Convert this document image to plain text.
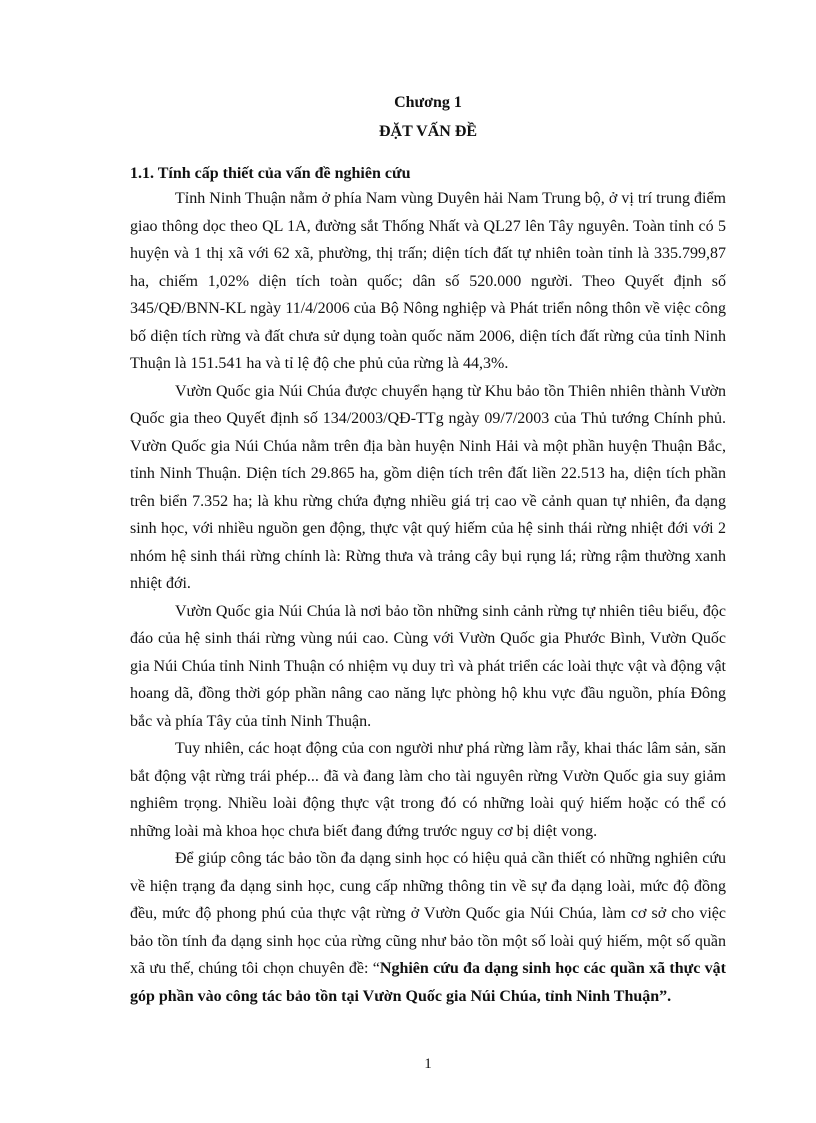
Chương 1
ĐẶT VẤN ĐỀ
1.1. Tính cấp thiết của vấn đề nghiên cứu

Tỉnh Ninh Thuận nằm ở phía Nam vùng Duyên hải Nam Trung bộ, ở vị trí trung điểm giao thông dọc theo QL 1A, đường sắt Thống Nhất và QL27 lên Tây nguyên. Toàn tỉnh có 5 huyện và 1 thị xã với 62 xã, phường, thị trấn; diện tích đất tự nhiên toàn tỉnh là 335.799,87 ha, chiếm 1,02% diện tích toàn quốc; dân số 520.000 người. Theo Quyết định số 345/QĐ/BNN-KL ngày 11/4/2006 của Bộ Nông nghiệp và Phát triển nông thôn về việc công bố diện tích rừng và đất chưa sử dụng toàn quốc năm 2006, diện tích đất rừng của tỉnh Ninh Thuận là 151.541 ha và tỉ lệ độ che phủ của rừng là 44,3%.

Vườn Quốc gia Núi Chúa được chuyển hạng từ Khu bảo tồn Thiên nhiên thành Vườn Quốc gia theo Quyết định số 134/2003/QĐ-TTg ngày 09/7/2003 của Thủ tướng Chính phủ. Vườn Quốc gia Núi Chúa nằm trên địa bàn huyện Ninh Hải và một phần huyện Thuận Bắc, tỉnh Ninh Thuận. Diện tích 29.865 ha, gồm diện tích trên đất liền 22.513 ha, diện tích phần trên biển 7.352 ha; là khu rừng chứa đựng nhiều giá trị cao về cảnh quan tự nhiên, đa dạng sinh học, với nhiều nguồn gen động, thực vật quý hiếm của hệ sinh thái rừng nhiệt đới với 2 nhóm hệ sinh thái rừng chính là: Rừng thưa và trảng cây bụi rụng lá; rừng rậm thường xanh nhiệt đới.

Vườn Quốc gia Núi Chúa là nơi bảo tồn những sinh cảnh rừng tự nhiên tiêu biểu, độc đáo của hệ sinh thái rừng vùng núi cao. Cùng với Vườn Quốc gia Phước Bình, Vườn Quốc gia Núi Chúa tỉnh Ninh Thuận có nhiệm vụ duy trì và phát triển các loài thực vật và động vật hoang dã, đồng thời góp phần nâng cao năng lực phòng hộ khu vực đầu nguồn, phía Đông bắc và phía Tây của tỉnh Ninh Thuận.

Tuy nhiên, các hoạt động của con người như phá rừng làm rẫy, khai thác lâm sản, săn bắt động vật rừng trái phép... đã và đang làm cho tài nguyên rừng Vườn Quốc gia suy giảm nghiêm trọng. Nhiều loài động thực vật trong đó có những loài quý hiếm hoặc có thể có những loài mà khoa học chưa biết đang đứng trước nguy cơ bị diệt vong.

Để giúp công tác bảo tồn đa dạng sinh học có hiệu quả cần thiết có những nghiên cứu về hiện trạng đa dạng sinh học, cung cấp những thông tin về sự đa dạng loài, mức độ đồng đều, mức độ phong phú của thực vật rừng ở Vườn Quốc gia Núi Chúa, làm cơ sở cho việc bảo tồn tính đa dạng sinh học của rừng cũng như bảo tồn một số loài quý hiếm, một số quần xã ưu thế, chúng tôi chọn chuyên đề: “Nghiên cứu đa dạng sinh học các quần xã thực vật góp phần vào công tác bảo tồn tại Vườn Quốc gia Núi Chúa, tỉnh Ninh Thuận”.

1
